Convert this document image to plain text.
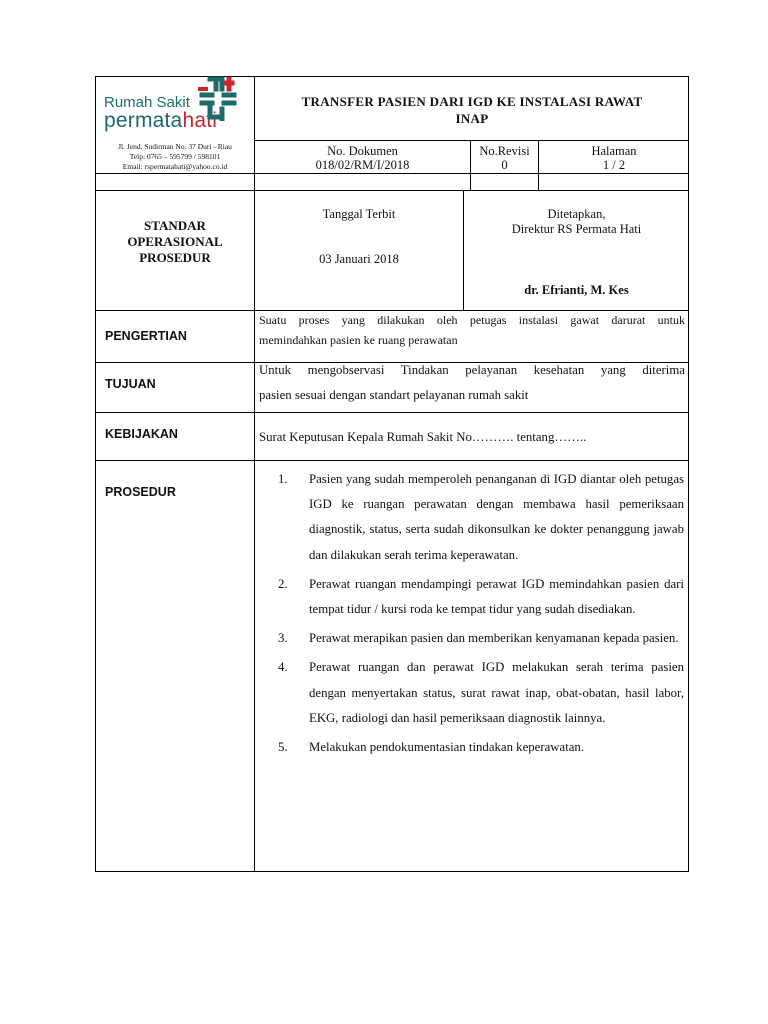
Rumah Sakit
permatahati
Jl. Jend. Sudirman No. 37 Duri - Riau
Telp: 0765 – 595799 / 598101
Email: rspermatahati@yahoo.co.id
TRANSFER PASIEN DARI IGD KE INSTALASI RAWAT
INAP
No. Dokumen
018/02/RM/I/2018
No.Revisi
0
Halaman
1 / 2
STANDAR
OPERASIONAL
PROSEDUR
Tanggal Terbit
03 Januari 2018
Ditetapkan,
Direktur RS Permata Hati
dr. Efrianti, M. Kes
PENGERTIAN
Suatu proses yang dilakukan oleh petugas instalasi gawat darurat untuk
memindahkan pasien ke ruang perawatan
TUJUAN
Untuk mengobservasi Tindakan pelayanan kesehatan yang diterima
pasien sesuai dengan standart pelayanan rumah sakit
KEBIJAKAN	Surat Keputusan Kepala Rumah Sakit No………. tentang……..
PROSEDUR
1. Pasien yang sudah memperoleh penanganan di IGD diantar oleh petugas IGD ke ruangan perawatan dengan membawa hasil pemeriksaan diagnostik, status, serta sudah dikonsulkan ke dokter penanggung jawab dan dilakukan serah terima keperawatan.
2. Perawat ruangan mendampingi perawat IGD memindahkan pasien dari tempat tidur / kursi roda ke tempat tidur yang sudah disediakan.
3. Perawat merapikan pasien dan memberikan kenyamanan kepada pasien.
4. Perawat ruangan dan perawat IGD melakukan serah terima pasien dengan menyertakan status, surat rawat inap, obat-obatan, hasil labor, EKG, radiologi dan hasil pemeriksaan diagnostik lainnya.
5. Melakukan pendokumentasian tindakan keperawatan.
